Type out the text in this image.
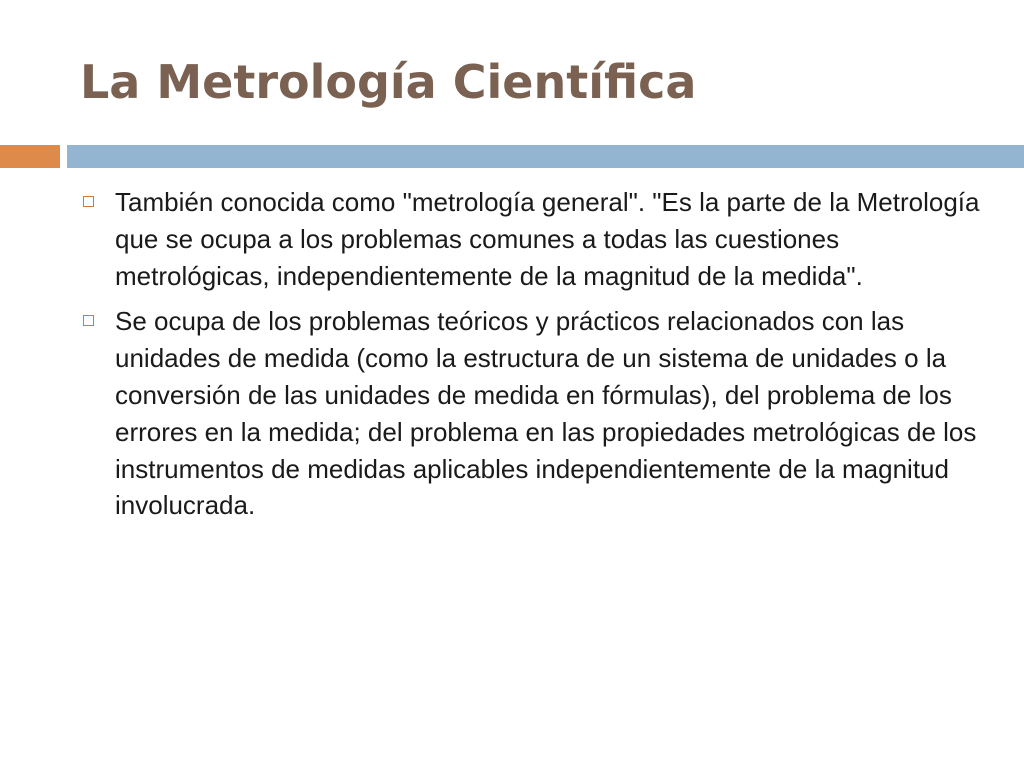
La Metrología Científica
También conocida como "metrología general". "Es la parte de la Metrología que se ocupa a los problemas comunes a todas las cuestiones metrológicas, independientemente de la magnitud de la medida".
Se ocupa de los problemas teóricos y prácticos relacionados con las unidades de medida (como la estructura de un sistema de unidades o la conversión de las unidades de medida en fórmulas), del problema de los errores en la medida; del problema en las propiedades metrológicas de los instrumentos de medidas aplicables independientemente de la magnitud involucrada.
